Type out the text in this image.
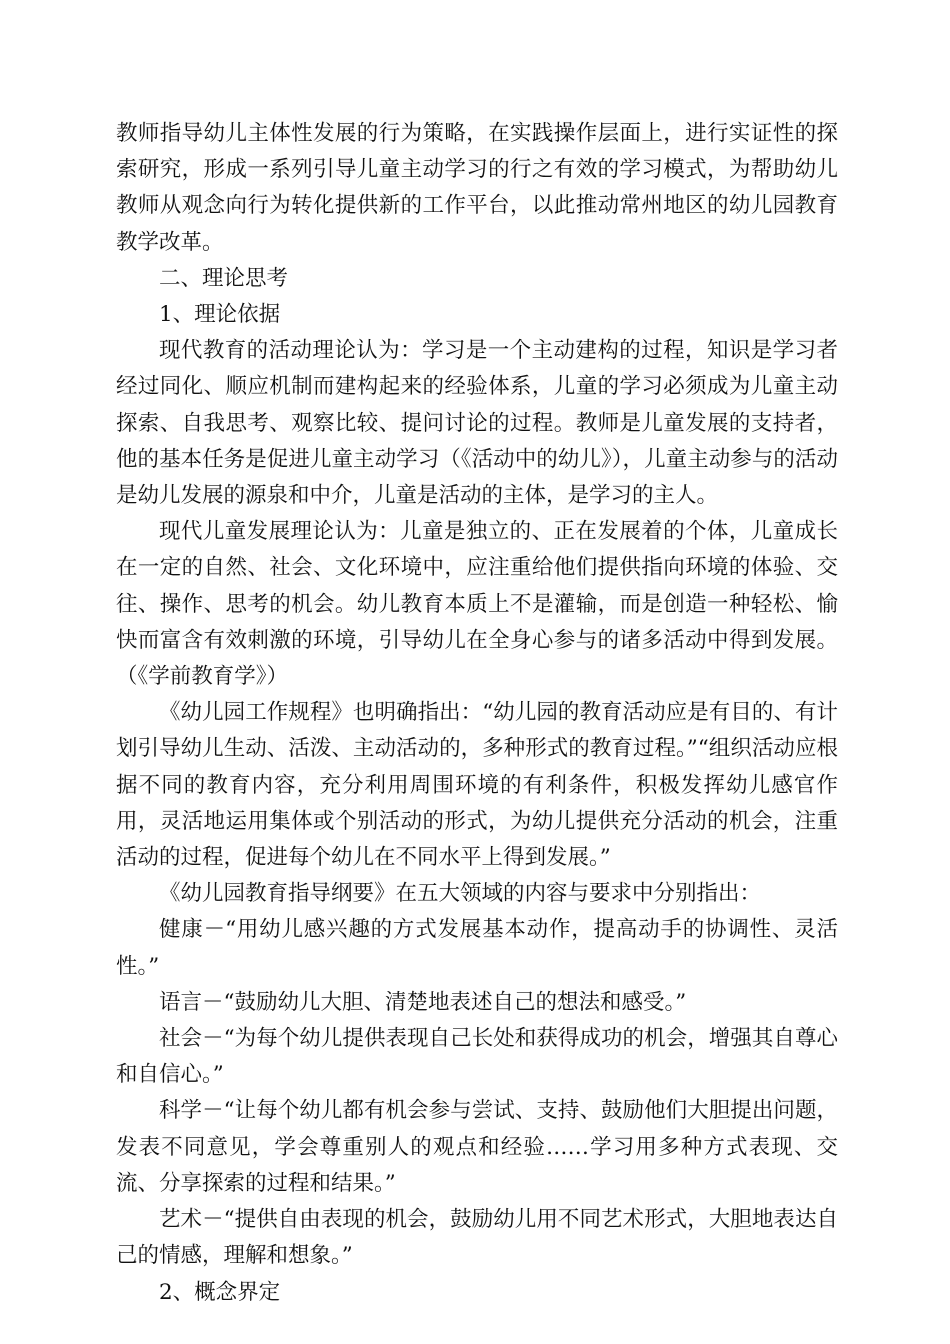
教师指导幼儿主体性发展的行为策略，在实践操作层面上，进行实证性的探索研究，形成一系列引导儿童主动学习的行之有效的学习模式，为帮助幼儿教师从观念向行为转化提供新的工作平台，以此推动常州地区的幼儿园教育教学改革。

二、理论思考

1、理论依据

现代教育的活动理论认为：学习是一个主动建构的过程，知识是学习者经过同化、顺应机制而建构起来的经验体系，儿童的学习必须成为儿童主动探索、自我思考、观察比较、提问讨论的过程。教师是儿童发展的支持者，他的基本任务是促进儿童主动学习（《活动中的幼儿》），儿童主动参与的活动是幼儿发展的源泉和中介，儿童是活动的主体，是学习的主人。

现代儿童发展理论认为：儿童是独立的、正在发展着的个体，儿童成长在一定的自然、社会、文化环境中，应注重给他们提供指向环境的体验、交往、操作、思考的机会。幼儿教育本质上不是灌输，而是创造一种轻松、愉快而富含有效刺激的环境，引导幼儿在全身心参与的诸多活动中得到发展。（《学前教育学》）

《幼儿园工作规程》也明确指出：“幼儿园的教育活动应是有目的、有计划引导幼儿生动、活泼、主动活动的，多种形式的教育过程。”“组织活动应根据不同的教育内容，充分利用周围环境的有利条件，积极发挥幼儿感官作用，灵活地运用集体或个别活动的形式，为幼儿提供充分活动的机会，注重活动的过程，促进每个幼儿在不同水平上得到发展。”

《幼儿园教育指导纲要》在五大领域的内容与要求中分别指出：

健康－“用幼儿感兴趣的方式发展基本动作，提高动手的协调性、灵活性。”

语言－“鼓励幼儿大胆、清楚地表述自己的想法和感受。”

社会－“为每个幼儿提供表现自己长处和获得成功的机会，增强其自尊心和自信心。”

科学－“让每个幼儿都有机会参与尝试、支持、鼓励他们大胆提出问题，发表不同意见，学会尊重别人的观点和经验……学习用多种方式表现、交流、分享探索的过程和结果。”

艺术－“提供自由表现的机会，鼓励幼儿用不同艺术形式，大胆地表达自己的情感，理解和想象。”

2、概念界定
